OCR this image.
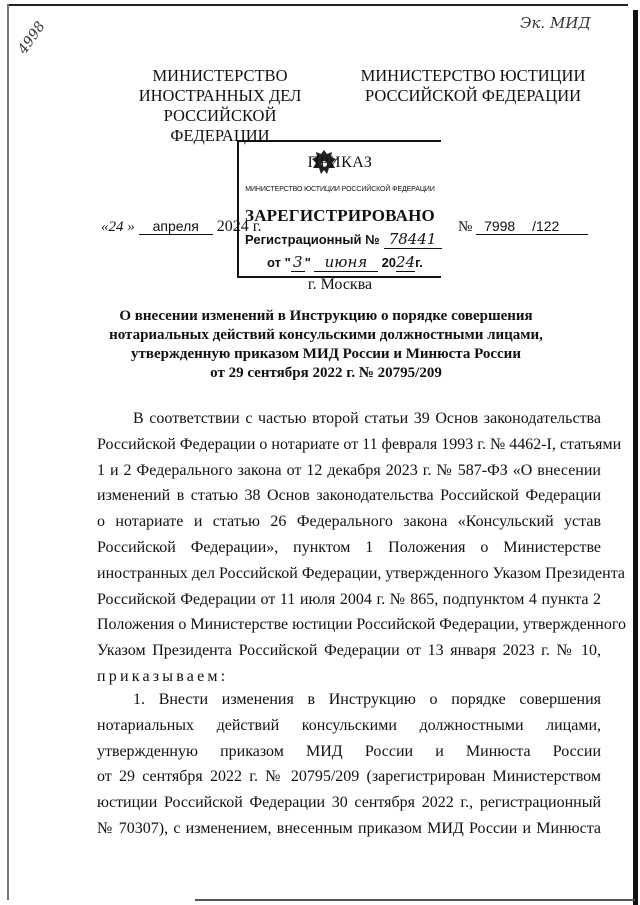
Эк. МИД
4998
МИНИСТЕРСТВО
ИНОСТРАННЫХ ДЕЛ
РОССИЙСКОЙ ФЕДЕРАЦИИ
МИНИСТЕРСТВО ЮСТИЦИИ
РОССИЙСКОЙ ФЕДЕРАЦИИ
ПРИКАЗ
МИНИСТЕРСТВО ЮСТИЦИИ РОССИЙСКОЙ ФЕДЕРАЦИИ
ЗАРЕГИСТРИРОВАНО
Регистрационный № 78441
от " 3 " июня 2024г.
«24 » апреля 2024 г.	№ 7998 /122
г. Москва
О внесении изменений в Инструкцию о порядке совершения
нотариальных действий консульскими должностными лицами,
утвержденную приказом МИД России и Минюста России
от 29 сентября 2022 г. № 20795/209
В соответствии с частью второй статьи 39 Основ законодательства
Российской Федерации о нотариате от 11 февраля 1993 г. № 4462-I, статьями
1 и 2 Федерального закона от 12 декабря 2023 г. № 587-ФЗ «О внесении
изменений в статью 38 Основ законодательства Российской Федерации
о нотариате и статью 26 Федерального закона «Консульский устав
Российской Федерации», пунктом 1 Положения о Министерстве
иностранных дел Российской Федерации, утвержденного Указом Президента
Российской Федерации от 11 июля 2004 г. № 865, подпунктом 4 пункта 2
Положения о Министерстве юстиции Российской Федерации, утвержденного
Указом Президента Российской Федерации от 13 января 2023 г. № 10,
приказываем:
1. Внести изменения в Инструкцию о порядке совершения
нотариальных действий консульскими должностными лицами,
утвержденную приказом МИД России и Минюста России
от 29 сентября 2022 г. № 20795/209 (зарегистрирован Министерством
юстиции Российской Федерации 30 сентября 2022 г., регистрационный
№ 70307), с изменением, внесенным приказом МИД России и Минюста
